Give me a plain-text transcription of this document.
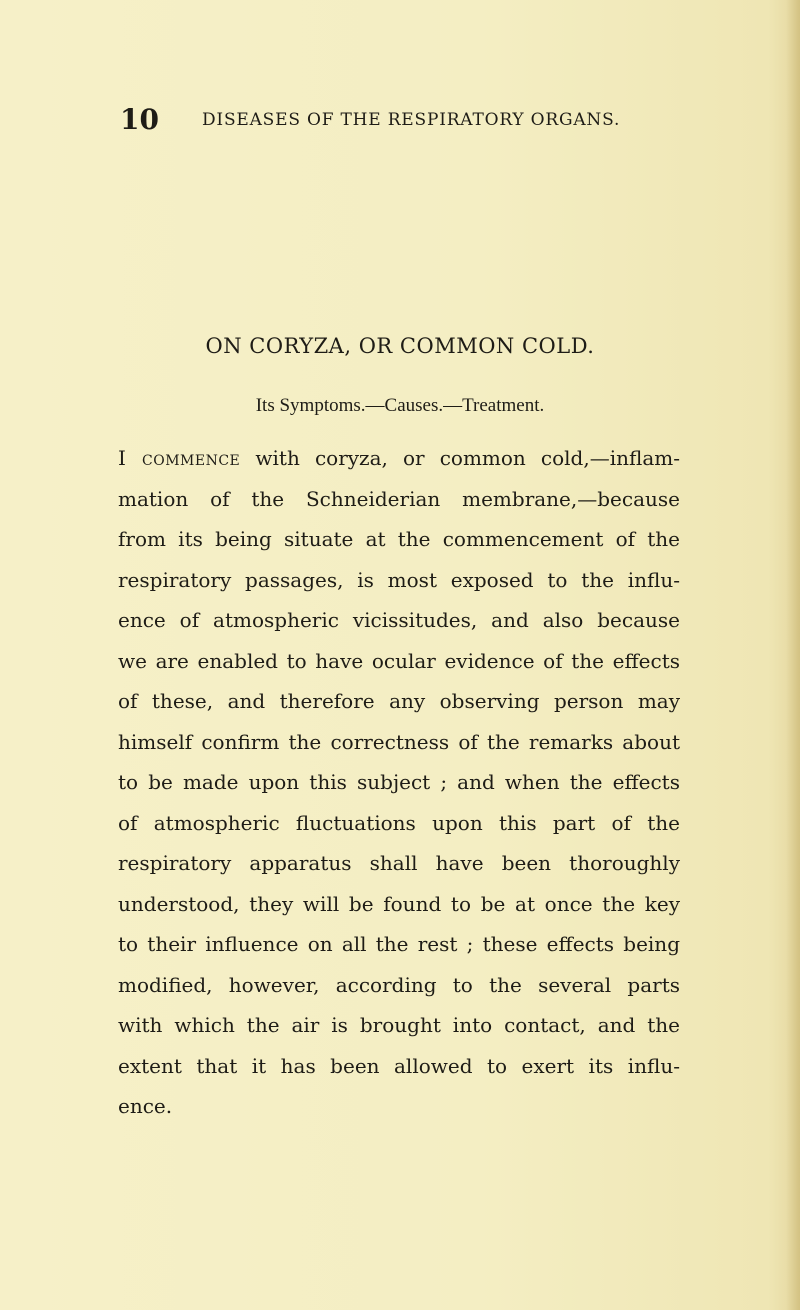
10	DISEASES OF THE RESPIRATORY ORGANS.
ON CORYZA, OR COMMON COLD.
Its Symptoms.—Causes.—Treatment.
I commence with coryza, or common cold,—inflam-
mation of the Schneiderian membrane,—because
from its being situate at the commencement of the
respiratory passages, is most exposed to the influ-
ence of atmospheric vicissitudes, and also because
we are enabled to have ocular evidence of the effects
of these, and therefore any observing person may
himself confirm the correctness of the remarks about
to be made upon this subject ; and when the effects
of atmospheric fluctuations upon this part of the
respiratory apparatus shall have been thoroughly
understood, they will be found to be at once the key
to their influence on all the rest ; these effects being
modified, however, according to the several parts
with which the air is brought into contact, and the
extent that it has been allowed to exert its influ-
ence.
